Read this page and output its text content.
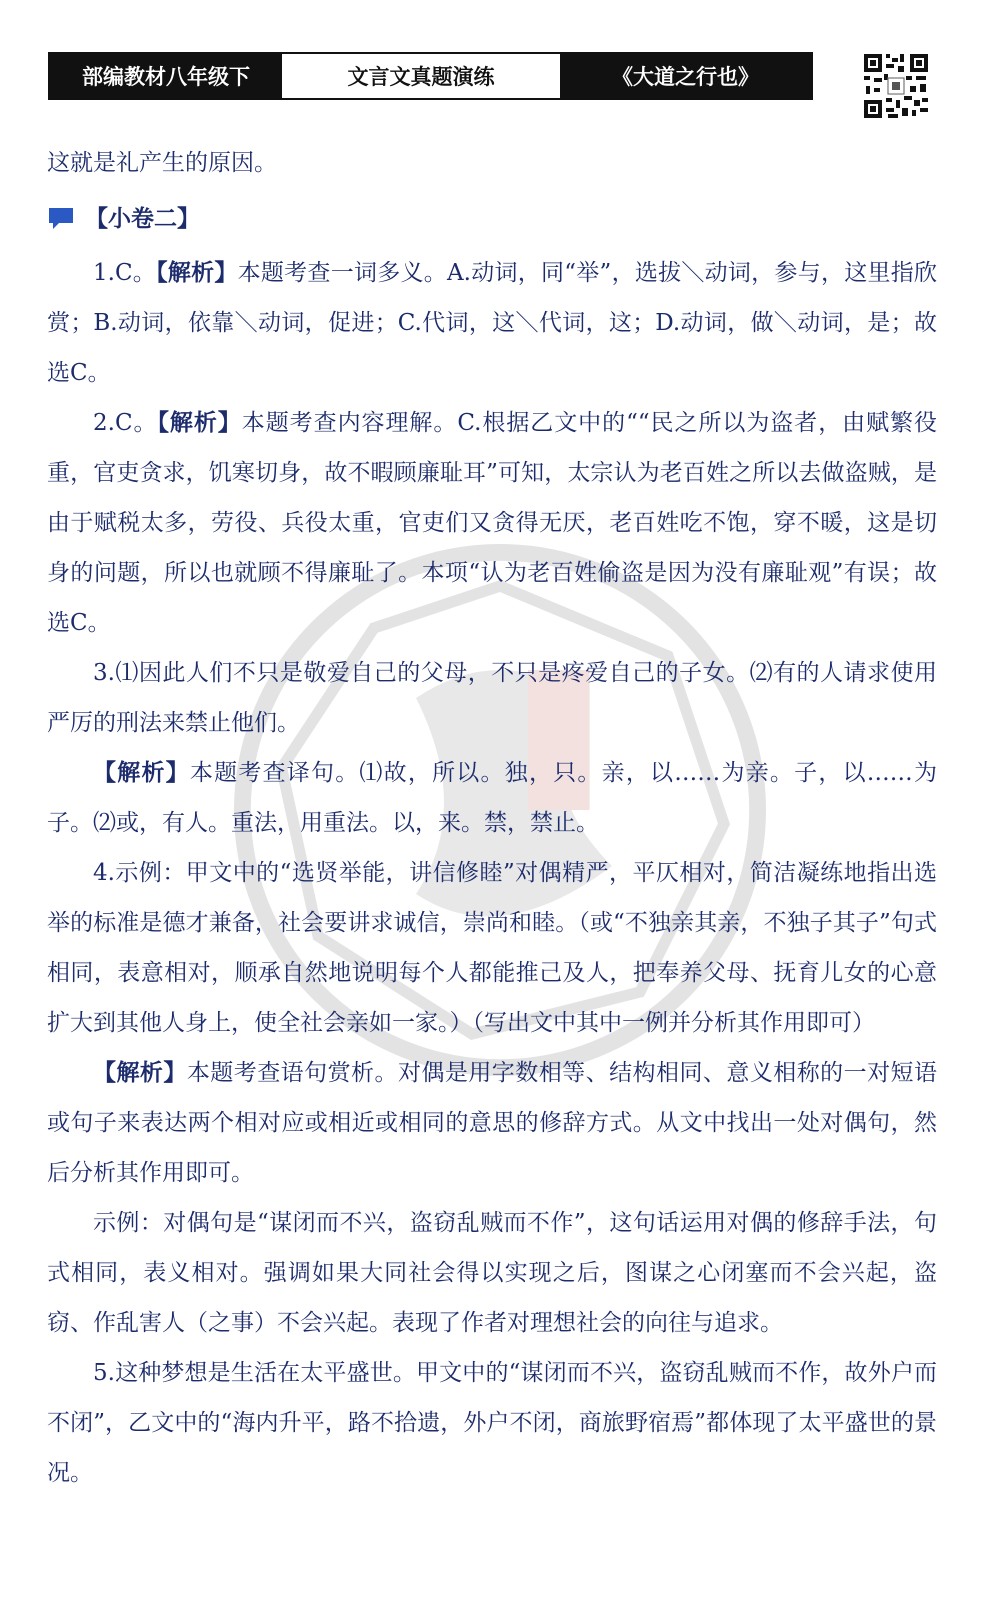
部编教材八年级下	文言文真题演练	《大道之行也》

这就是礼产生的原因。

【小卷二】

1.C。【解析】本题考查一词多义。A.动词，同“举”，选拔＼动词，参与，这里指欣赏；B.动词，依靠＼动词，促进；C.代词，这＼代词，这；D.动词，做＼动词，是；故选C。

2.C。【解析】本题考查内容理解。C.根据乙文中的““民之所以为盗者，由赋繁役重，官吏贪求，饥寒切身，故不暇顾廉耻耳”可知，太宗认为老百姓之所以去做盗贼，是由于赋税太多，劳役、兵役太重，官吏们又贪得无厌，老百姓吃不饱，穿不暖，这是切身的问题，所以也就顾不得廉耻了。本项“认为老百姓偷盗是因为没有廉耻观”有误；故选C。

3.⑴因此人们不只是敬爱自己的父母，不只是疼爱自己的子女。⑵有的人请求使用严厉的刑法来禁止他们。

【解析】本题考查译句。⑴故，所以。独，只。亲，以……为亲。子，以……为子。⑵或，有人。重法，用重法。以，来。禁，禁止。

4.示例：甲文中的“选贤举能，讲信修睦”对偶精严，平仄相对，简洁凝练地指出选举的标准是德才兼备，社会要讲求诚信，崇尚和睦。（或“不独亲其亲，不独子其子”句式相同，表意相对，顺承自然地说明每个人都能推己及人，把奉养父母、抚育儿女的心意扩大到其他人身上，使全社会亲如一家。）（写出文中其中一例并分析其作用即可）

【解析】本题考查语句赏析。对偶是用字数相等、结构相同、意义相称的一对短语或句子来表达两个相对应或相近或相同的意思的修辞方式。从文中找出一处对偶句，然后分析其作用即可。

示例：对偶句是“谋闭而不兴，盗窃乱贼而不作”，这句话运用对偶的修辞手法，句式相同，表义相对。强调如果大同社会得以实现之后，图谋之心闭塞而不会兴起，盗窃、作乱害人（之事）不会兴起。表现了作者对理想社会的向往与追求。

5.这种梦想是生活在太平盛世。甲文中的“谋闭而不兴，盗窃乱贼而不作，故外户而不闭”，乙文中的“海内升平，路不拾遗，外户不闭，商旅野宿焉”都体现了太平盛世的景况。
